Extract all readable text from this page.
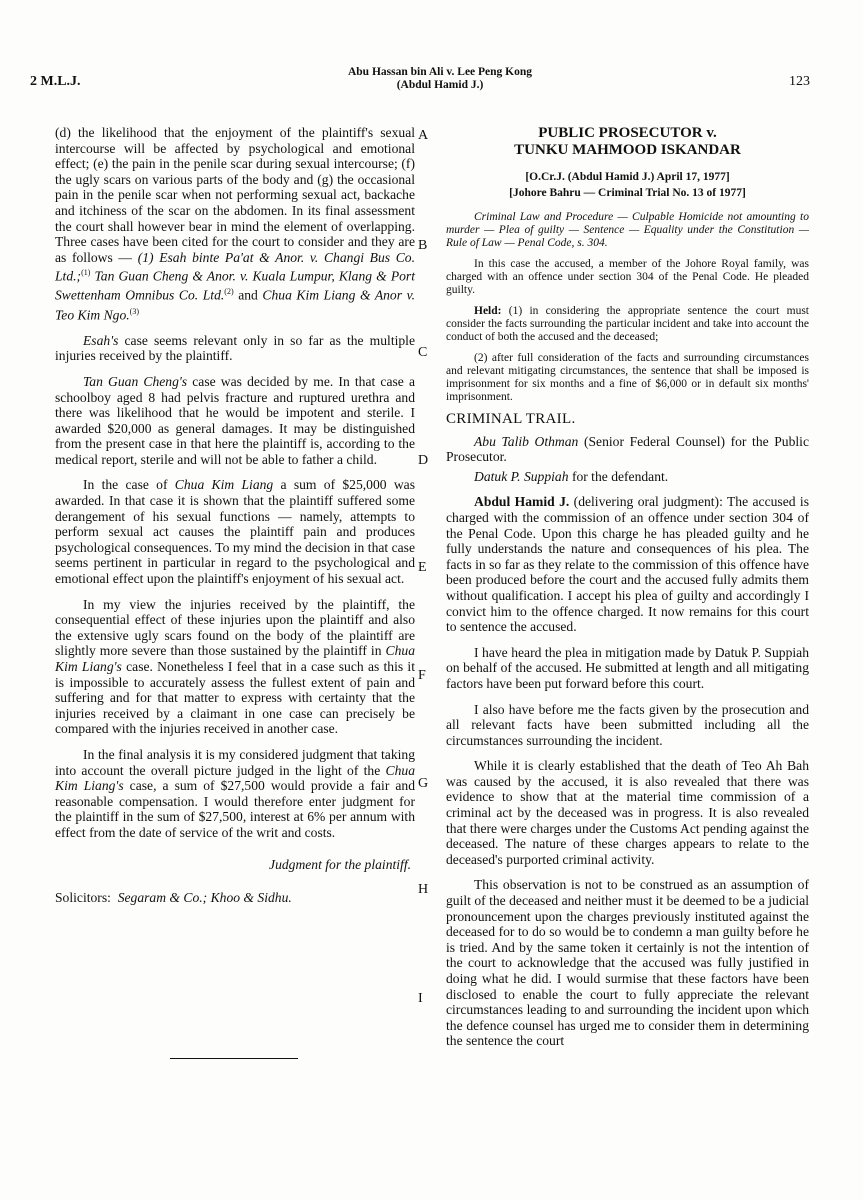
2 M.L.J.
Abu Hassan bin Ali v. Lee Peng Kong
(Abdul Hamid J.)	123

(d) the likelihood that the enjoyment of the plaintiff's sexual intercourse will be affected by psychological and emotional effect; (e) the pain in the penile scar during sexual intercourse; (f) the ugly scars on various parts of the body and (g) the occasional pain in the penile scar when not performing sexual act, backache and itchiness of the scar on the abdomen. In its final assessment the court shall however bear in mind the element of overlapping. Three cases have been cited for the court to consider and they are as follows — (1) Esah binte Pa'at & Anor. v. Changi Bus Co. Ltd.;$^{(1)}$ Tan Guan Cheng & Anor. v. Kuala Lumpur, Klang & Port Swettenham Omnibus Co. Ltd.$^{(2)}$ and Chua Kim Liang & Anor v. Teo Kim Ngo.$^{(3)}$

Esah's case seems relevant only in so far as the multiple injuries received by the plaintiff.

Tan Guan Cheng's case was decided by me. In that case a schoolboy aged 8 had pelvis fracture and ruptured urethra and there was likelihood that he would be impotent and sterile. I awarded $20,000 as general damages. It may be distinguished from the present case in that here the plaintiff is, according to the medical report, sterile and will not be able to father a child.

In the case of Chua Kim Liang a sum of $25,000 was awarded. In that case it is shown that the plaintiff suffered some derangement of his sexual functions — namely, attempts to perform sexual act causes the plaintiff pain and produces psychological consequences. To my mind the decision in that case seems pertinent in particular in regard to the psychological and emotional effect upon the plaintiff's enjoyment of his sexual act.

In my view the injuries received by the plaintiff, the consequential effect of these injuries upon the plaintiff and also the extensive ugly scars found on the body of the plaintiff are slightly more severe than those sustained by the plaintiff in Chua Kim Liang's case. Nonetheless I feel that in a case such as this it is impossible to accurately assess the fullest extent of pain and suffering and for that matter to express with certainty that the injuries received by a claimant in one case can precisely be compared with the injuries received in another case.

In the final analysis it is my considered judgment that taking into account the overall picture judged in the light of the Chua Kim Liang's case, a sum of $27,500 would provide a fair and reasonable compensation. I would therefore enter judgment for the plaintiff in the sum of $27,500, interest at 6% per annum with effect from the date of service of the writ and costs.

Judgment for the plaintiff.

Solicitors: Segaram & Co.; Khoo & Sidhu.

A
B
C
D
E
F
G
H
I

PUBLIC PROSECUTOR v.
TUNKU MAHMOOD ISKANDAR

[O.Cr.J. (Abdul Hamid J.) April 17, 1977]
[Johore Bahru — Criminal Trial No. 13 of 1977]

Criminal Law and Procedure — Culpable Homicide not amounting to murder — Plea of guilty — Sentence — Equality under the Constitution — Rule of Law — Penal Code, s. 304.

In this case the accused, a member of the Johore Royal family, was charged with an offence under section 304 of the Penal Code. He pleaded guilty.

Held: (1) in considering the appropriate sentence the court must consider the facts surrounding the particular incident and take into account the conduct of both the accused and the deceased;

(2) after full consideration of the facts and surrounding circumstances and relevant mitigating circumstances, the sentence that shall be imposed is imprisonment for six months and a fine of $6,000 or in default six months' imprisonment.

CRIMINAL TRAIL.

Abu Talib Othman (Senior Federal Counsel) for the Public Prosecutor.

Datuk P. Suppiah for the defendant.

Abdul Hamid J. (delivering oral judgment): The accused is charged with the commission of an offence under section 304 of the Penal Code. Upon this charge he has pleaded guilty and he fully understands the nature and consequences of his plea. The facts in so far as they relate to the commission of this offence have been produced before the court and the accused fully admits them without qualification. I accept his plea of guilty and accordingly I convict him to the offence charged. It now remains for this court to sentence the accused.

I have heard the plea in mitigation made by Datuk P. Suppiah on behalf of the accused. He submitted at length and all mitigating factors have been put forward before this court.

I also have before me the facts given by the prosecution and all relevant facts have been submitted including all the circumstances surrounding the incident.

While it is clearly established that the death of Teo Ah Bah was caused by the accused, it is also revealed that there was evidence to show that at the material time commission of a criminal act by the deceased was in progress. It is also revealed that there were charges under the Customs Act pending against the deceased. The nature of these charges appears to relate to the deceased's purported criminal activity.

This observation is not to be construed as an assumption of guilt of the deceased and neither must it be deemed to be a judicial pronouncement upon the charges previously instituted against the deceased for to do so would be to condemn a man guilty before he is tried. And by the same token it certainly is not the intention of the court to acknowledge that the accused was fully justified in doing what he did. I would surmise that these factors have been disclosed to enable the court to fully appreciate the relevant circumstances leading to and surrounding the incident upon which the defence counsel has urged me to consider them in determining the sentence the court
